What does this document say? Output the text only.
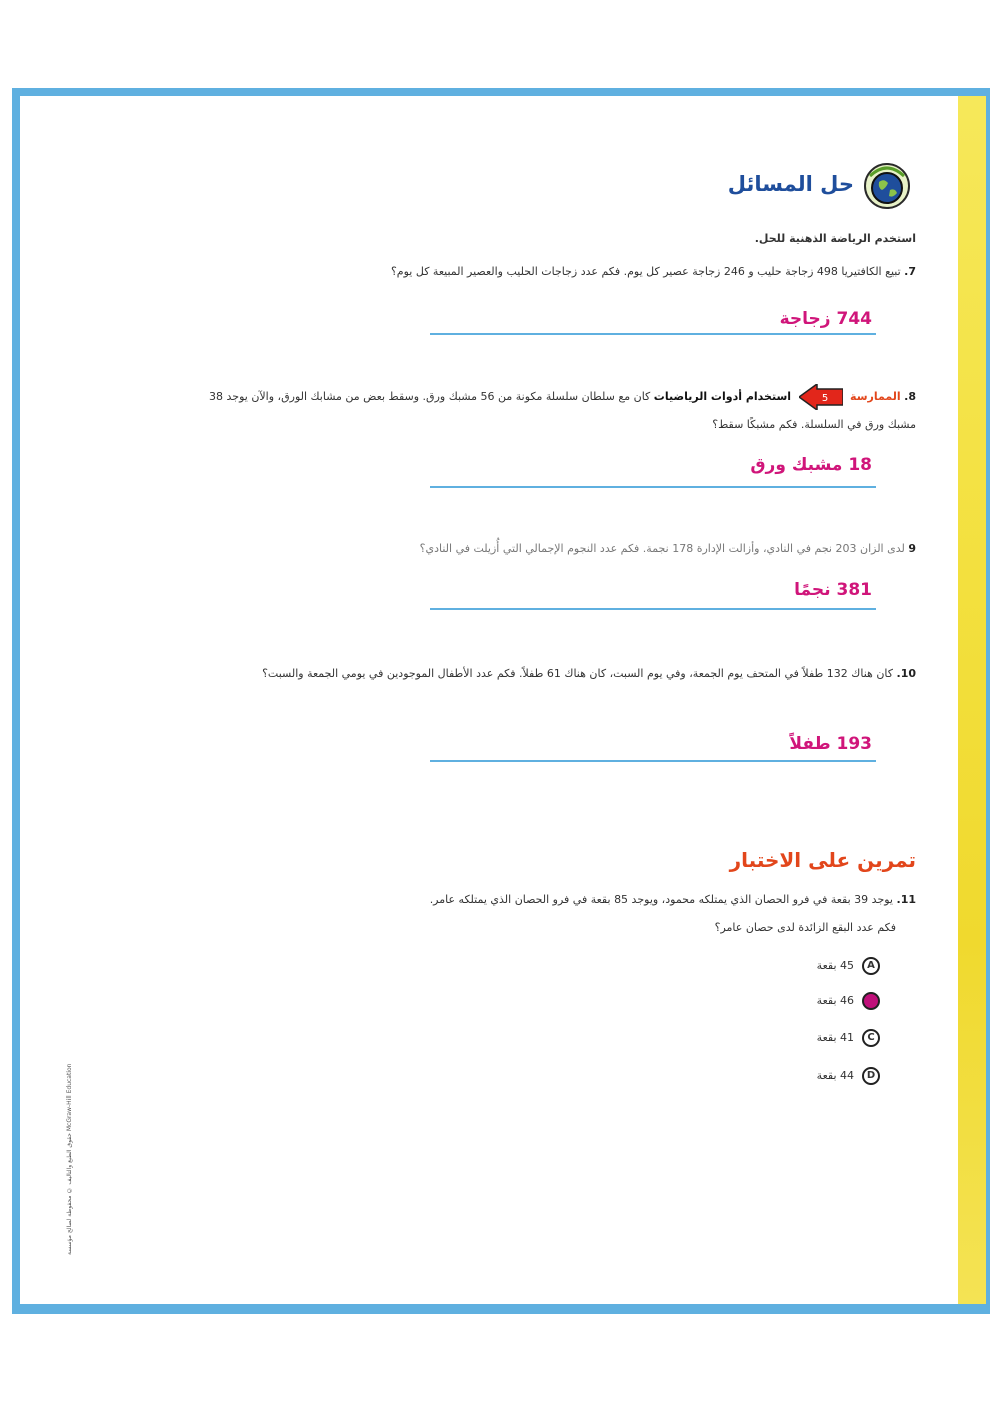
حل المسائل
استخدم الرياضة الذهنية للحل.
7. تبيع الكافتيريا 498 زجاجة حليب و 246 زجاجة عصير كل يوم. فكم عدد زجاجات الحليب والعصير المبيعة كل يوم؟
744 زجاجة
8. الممارسة
5
استخدام أدوات الرياضيات كان مع سلطان سلسلة مكونة من 56 مشبك ورق. وسقط بعض من مشابك الورق، والآن يوجد 38 مشبك ورق في السلسلة. فكم مشبكًا سقط؟
18 مشبك ورق
9 لدى الزان 203 نجم في النادي، وأزالت الإدارة 178 نجمة. فكم عدد النجوم الإجمالي التي أُزيلت في النادي؟
381 نجمًا
10. كان هناك 132 طفلاً في المتحف يوم الجمعة، وفي يوم السبت، كان هناك 61 طفلاً. فكم عدد الأطفال الموجودين في يومي الجمعة والسبت؟
193 طفلاً
تمرين على الاختبار
11. يوجد 39 بقعة في فرو الحصان الذي يمتلكه محمود، ويوجد 85 بقعة في فرو الحصان الذي يمتلكه عامر.
فكم عدد البقع الزائدة لدى حصان عامر؟
A45 بقعة
B46 بقعة
C41 بقعة
D44 بقعة
حقوق الطبع والتأليف © محفوظة لصالح مؤسسة McGraw-Hill Education
